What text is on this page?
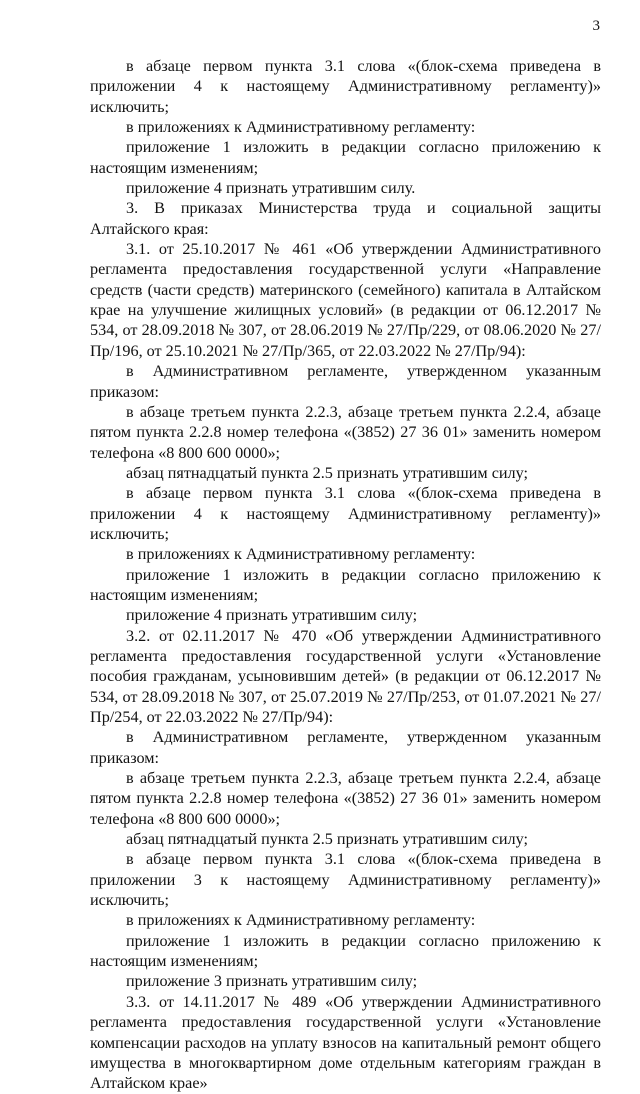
3

в абзаце первом пункта 3.1 слова «(блок-схема приведена в приложении 4 к настоящему Административному регламенту)» исключить;

в приложениях к Административному регламенту:

приложение 1 изложить в редакции согласно приложению к настоящим изменениям;

приложение 4 признать утратившим силу.

3. В приказах Министерства труда и социальной защиты Алтайского края:

3.1. от 25.10.2017 № 461 «Об утверждении Административного регламента предоставления государственной услуги «Направление средств (части средств) материнского (семейного) капитала в Алтайском крае на улучшение жилищных условий» (в редакции от 06.12.2017 № 534, от 28.09.2018 № 307, от 28.06.2019 № 27/Пр/229, от 08.06.2020 № 27/Пр/196, от 25.10.2021 № 27/Пр/365, от 22.03.2022 № 27/Пр/94):

в Административном регламенте, утвержденном указанным приказом:

в абзаце третьем пункта 2.2.3, абзаце третьем пункта 2.2.4, абзаце пятом пункта 2.2.8 номер телефона «(3852) 27 36 01» заменить номером телефона «8 800 600 0000»;

абзац пятнадцатый пункта 2.5 признать утратившим силу;

в абзаце первом пункта 3.1 слова «(блок-схема приведена в приложении 4 к настоящему Административному регламенту)» исключить;

в приложениях к Административному регламенту:

приложение 1 изложить в редакции согласно приложению к настоящим изменениям;

приложение 4 признать утратившим силу;

3.2. от 02.11.2017 № 470 «Об утверждении Административного регламента предоставления государственной услуги «Установление пособия гражданам, усыновившим детей» (в редакции от 06.12.2017 № 534, от 28.09.2018 № 307, от 25.07.2019 № 27/Пр/253, от 01.07.2021 № 27/Пр/254, от 22.03.2022 № 27/Пр/94):

в Административном регламенте, утвержденном указанным приказом:

в абзаце третьем пункта 2.2.3, абзаце третьем пункта 2.2.4, абзаце пятом пункта 2.2.8 номер телефона «(3852) 27 36 01» заменить номером телефона «8 800 600 0000»;

абзац пятнадцатый пункта 2.5 признать утратившим силу;

в абзаце первом пункта 3.1 слова «(блок-схема приведена в приложении 3 к настоящему Административному регламенту)» исключить;

в приложениях к Административному регламенту:

приложение 1 изложить в редакции согласно приложению к настоящим изменениям;

приложение 3 признать утратившим силу;

3.3. от 14.11.2017 № 489 «Об утверждении Административного регламента предоставления государственной услуги «Установление компенсации расходов на уплату взносов на капитальный ремонт общего имущества в многоквартирном доме отдельным категориям граждан в Алтайском крае»
